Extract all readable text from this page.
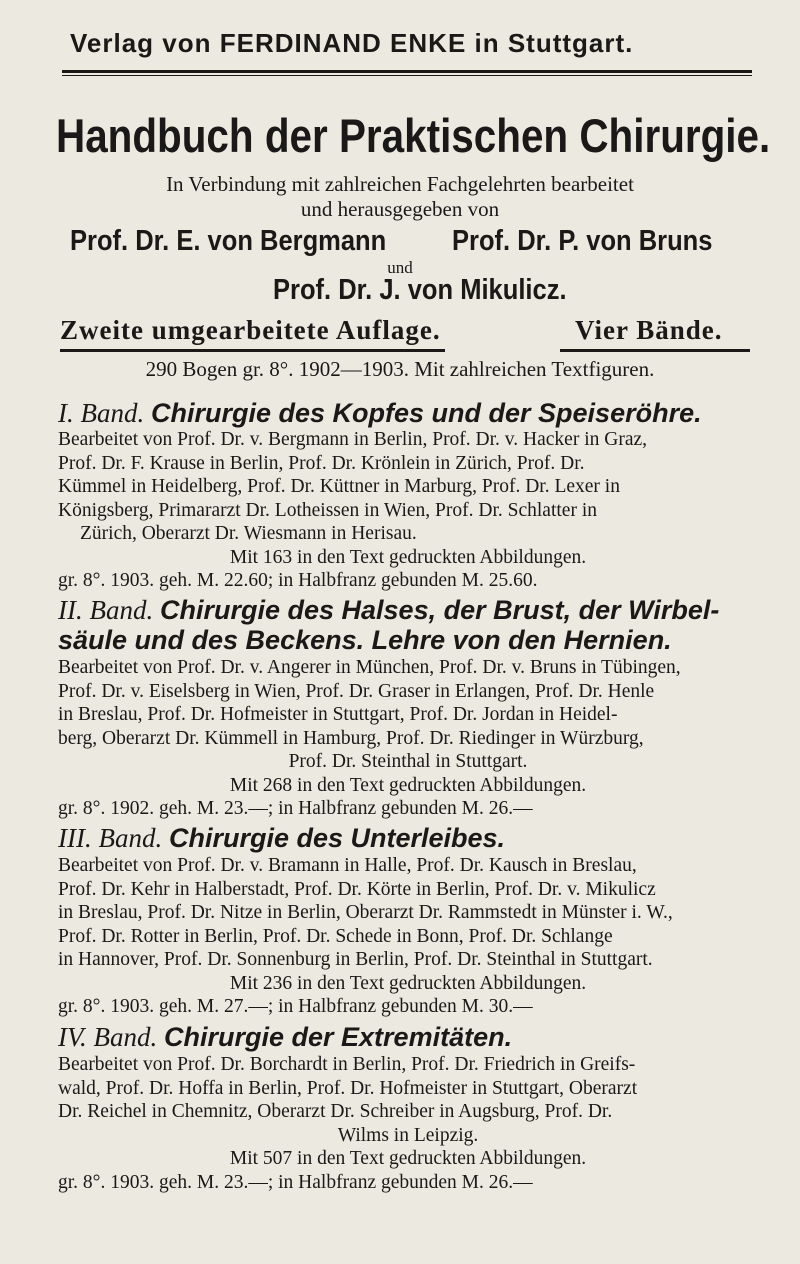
Verlag von FERDINAND ENKE in Stuttgart.
Handbuch der Praktischen Chirurgie.
In Verbindung mit zahlreichen Fachgelehrten bearbeitet
und herausgegeben von
Prof. Dr. E. von Bergmann Prof. Dr. P. von Bruns
und
Prof. Dr. J. von Mikulicz.
Zweite umgearbeitete Auflage.	Vier Bände.
290 Bogen gr. 8°. 1902—1903. Mit zahlreichen Textfiguren.
I. Band. Chirurgie des Kopfes und der Speiseröhre.

Bearbeitet von Prof. Dr. v. Bergmann in Berlin, Prof. Dr. v. Hacker in Graz,

Prof. Dr. F. Krause in Berlin, Prof. Dr. Krönlein in Zürich, Prof. Dr.

Kümmel in Heidelberg, Prof. Dr. Küttner in Marburg, Prof. Dr. Lexer in

Königsberg, Primararzt Dr. Lotheissen in Wien, Prof. Dr. Schlatter in

Zürich, Oberarzt Dr. Wiesmann in Herisau.

Mit 163 in den Text gedruckten Abbildungen.

gr. 8°. 1903. geh. M. 22.60; in Halbfranz gebunden M. 25.60.

II. Band. Chirurgie des Halses, der Brust, der Wirbel-
säule und des Beckens. Lehre von den Hernien.

Bearbeitet von Prof. Dr. v. Angerer in München, Prof. Dr. v. Bruns in Tübingen,

Prof. Dr. v. Eiselsberg in Wien, Prof. Dr. Graser in Erlangen, Prof. Dr. Henle

in Breslau, Prof. Dr. Hofmeister in Stuttgart, Prof. Dr. Jordan in Heidel-

berg, Oberarzt Dr. Kümmell in Hamburg, Prof. Dr. Riedinger in Würzburg,

Prof. Dr. Steinthal in Stuttgart.

Mit 268 in den Text gedruckten Abbildungen.

gr. 8°. 1902. geh. M. 23.—; in Halbfranz gebunden M. 26.—

III. Band. Chirurgie des Unterleibes.

Bearbeitet von Prof. Dr. v. Bramann in Halle, Prof. Dr. Kausch in Breslau,

Prof. Dr. Kehr in Halberstadt, Prof. Dr. Körte in Berlin, Prof. Dr. v. Mikulicz

in Breslau, Prof. Dr. Nitze in Berlin, Oberarzt Dr. Rammstedt in Münster i. W.,

Prof. Dr. Rotter in Berlin, Prof. Dr. Schede in Bonn, Prof. Dr. Schlange

in Hannover, Prof. Dr. Sonnenburg in Berlin, Prof. Dr. Steinthal in Stuttgart.

Mit 236 in den Text gedruckten Abbildungen.

gr. 8°. 1903. geh. M. 27.—; in Halbfranz gebunden M. 30.—

IV. Band. Chirurgie der Extremitäten.

Bearbeitet von Prof. Dr. Borchardt in Berlin, Prof. Dr. Friedrich in Greifs-

wald, Prof. Dr. Hoffa in Berlin, Prof. Dr. Hofmeister in Stuttgart, Oberarzt

Dr. Reichel in Chemnitz, Oberarzt Dr. Schreiber in Augsburg, Prof. Dr.

Wilms in Leipzig.

Mit 507 in den Text gedruckten Abbildungen.

gr. 8°. 1903. geh. M. 23.—; in Halbfranz gebunden M. 26.—
